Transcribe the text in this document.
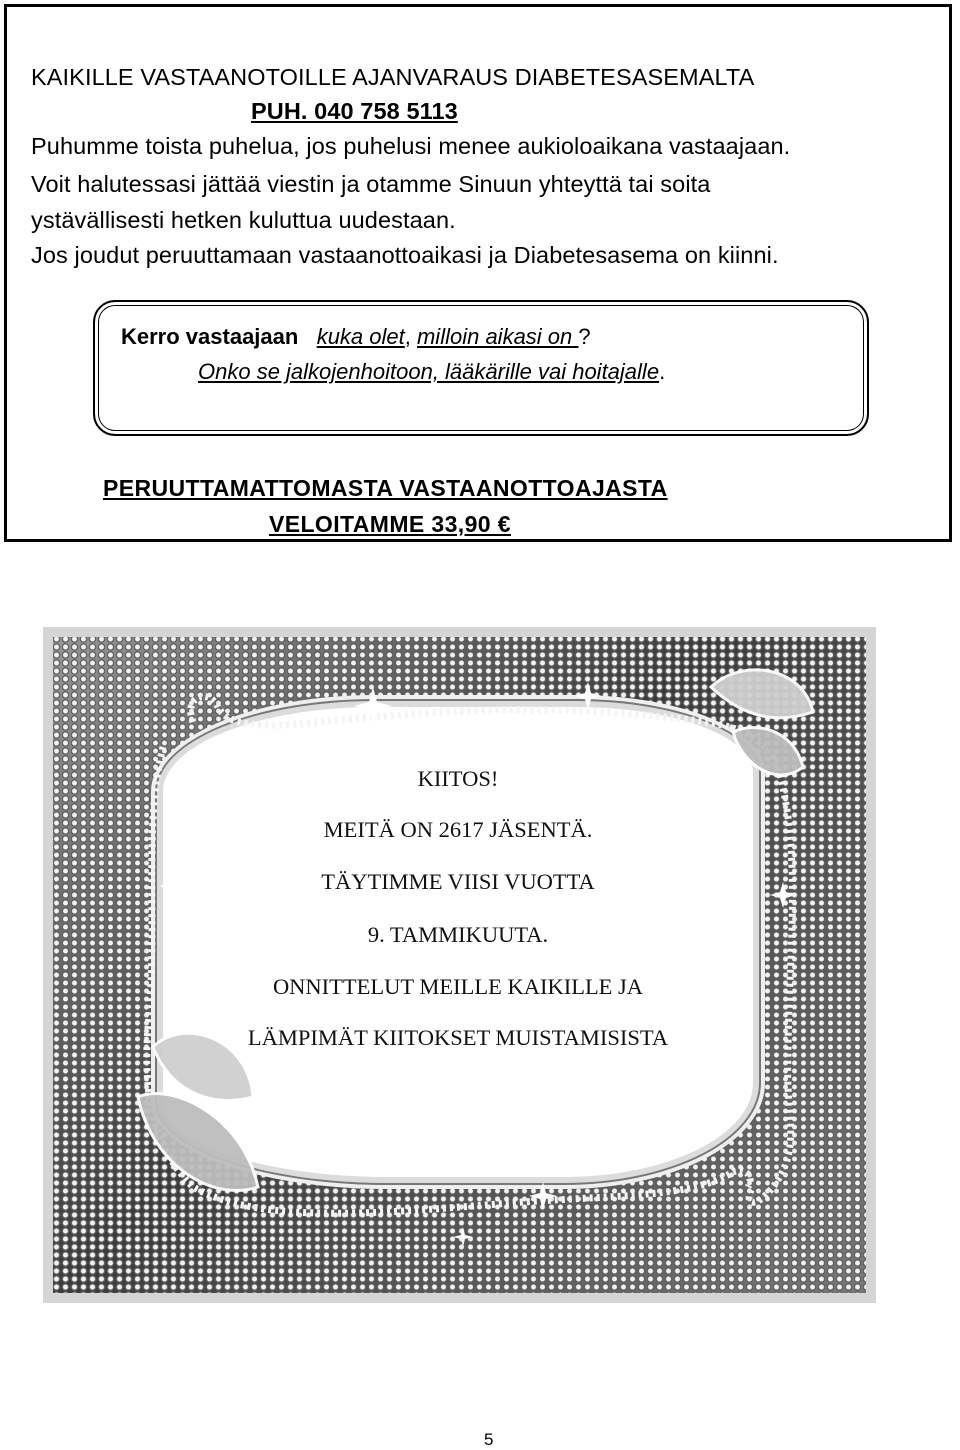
KAIKILLE VASTAANOTOILLE AJANVARAUS DIABETESASEMALTA
PUH. 040 758 5113
Puhumme toista puhelua, jos puhelusi menee aukioloaikana vastaajaan.
Voit halutessasi jättää viestin ja otamme Sinuun yhteyttä tai soita
ystävällisesti hetken kuluttua uudestaan.
Jos joudut peruuttamaan vastaanottoaikasi ja Diabetesasema on kiinni.
Kerro vastaajaan kuka olet, milloin aikasi on ?
Onko se jalkojenhoitoon, lääkärille vai hoitajalle.
PERUUTTAMATTOMASTA VASTAANOTTOAJASTA
VELOITAMME 33,90 €
KIITOS!
MEITÄ ON 2617 JÄSENTÄ.
TÄYTIMME VIISI VUOTTA
9. TAMMIKUUTA.
ONNITTELUT MEILLE KAIKILLE JA
LÄMPIMÄT KIITOKSET MUISTAMISISTA
5
